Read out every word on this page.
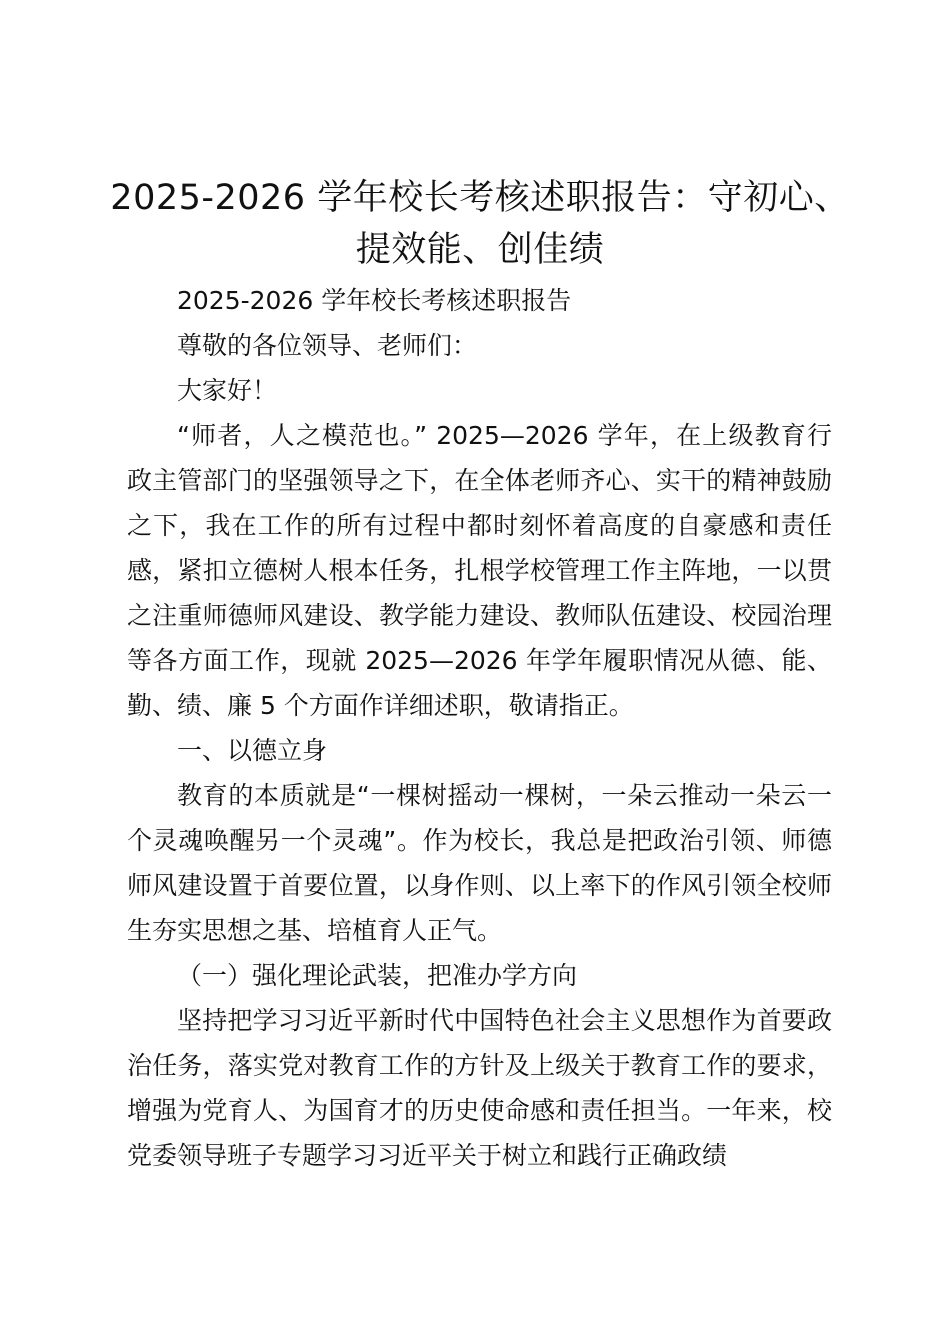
2025-2026 学年校长考核述职报告：守初心、
提效能、创佳绩

2025-2026 学年校长考核述职报告

尊敬的各位领导、老师们：

大家好！

“师者，人之模范也。” 2025—2026 学年，在上级教育行政主管部门的坚强领导之下，在全体老师齐心、实干的精神鼓励之下，我在工作的所有过程中都时刻怀着高度的自豪感和责任感，紧扣立德树人根本任务，扎根学校管理工作主阵地，一以贯之注重师德师风建设、教学能力建设、教师队伍建设、校园治理等各方面工作，现就 2025—2026 年学年履职情况从德、能、勤、绩、廉 5 个方面作详细述职，敬请指正。

一、以德立身

教育的本质就是“一棵树摇动一棵树，一朵云推动一朵云一个灵魂唤醒另一个灵魂”。作为校长，我总是把政治引领、师德师风建设置于首要位置，以身作则、以上率下的作风引领全校师生夯实思想之基、培植育人正气。

（一）强化理论武装，把准办学方向

坚持把学习习近平新时代中国特色社会主义思想作为首要政治任务，落实党对教育工作的方针及上级关于教育工作的要求，增强为党育人、为国育才的历史使命感和责任担当。一年来，校党委领导班子专题学习习近平关于树立和践行正确政绩
